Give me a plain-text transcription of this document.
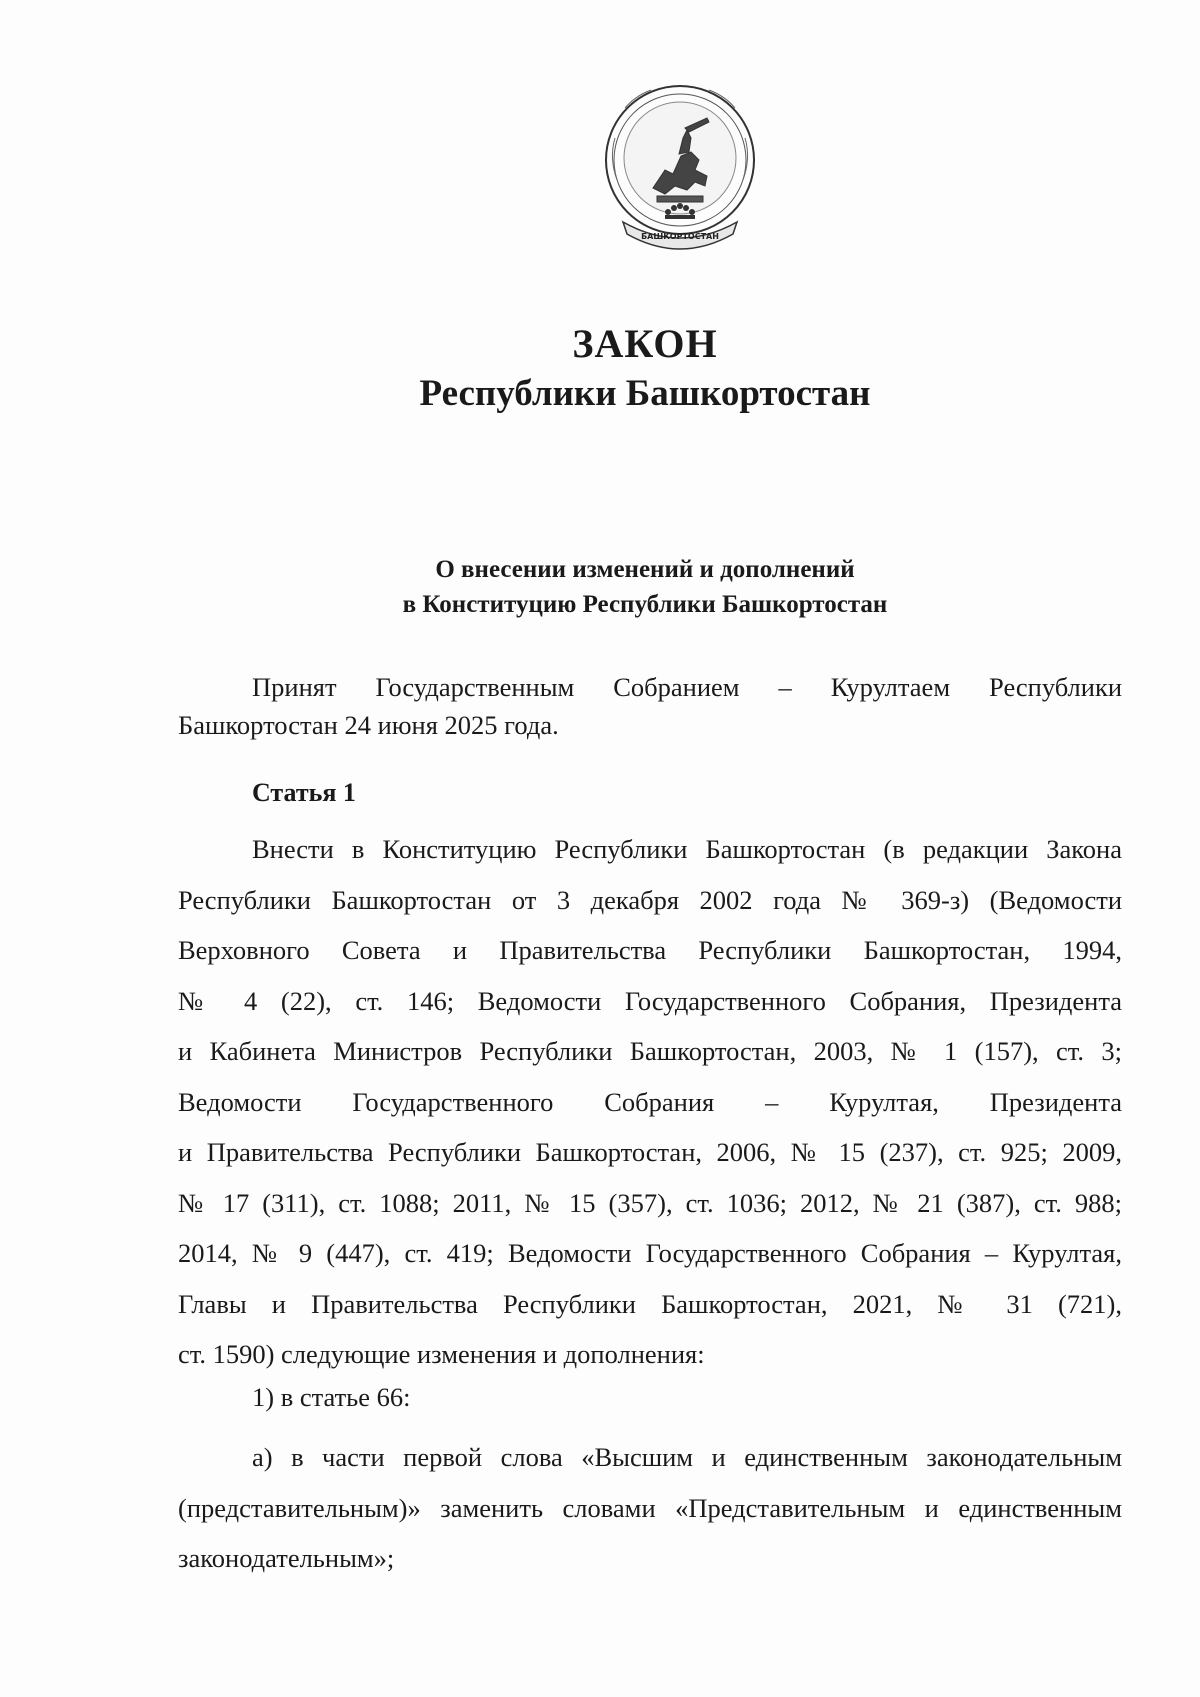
БАШКОРТОСТАН
ЗАКОН
Республики Башкортостан
О внесении изменений и дополнений
в Конституцию Республики Башкортостан
Принят Государственным Собранием – Курултаем Республики
Башкортостан 24 июня 2025 года.
Статья 1
Внести в Конституцию Республики Башкортостан (в редакции Закона
Республики Башкортостан от 3 декабря 2002 года № 369-з) (Ведомости
Верховного Совета и Правительства Республики Башкортостан, 1994,
№ 4 (22), ст. 146; Ведомости Государственного Собрания, Президента
и Кабинета Министров Республики Башкортостан, 2003, № 1 (157), ст. 3;
Ведомости Государственного Собрания – Курултая, Президента
и Правительства Республики Башкортостан, 2006, № 15 (237), ст. 925; 2009,
№ 17 (311), ст. 1088; 2011, № 15 (357), ст. 1036; 2012, № 21 (387), ст. 988;
2014, № 9 (447), ст. 419; Ведомости Государственного Собрания – Курултая,
Главы и Правительства Республики Башкортостан, 2021, № 31 (721),
ст. 1590) следующие изменения и дополнения:
1) в статье 66:
а) в части первой слова «Высшим и единственным законодательным
(представительным)» заменить словами «Представительным и единственным
законодательным»;
